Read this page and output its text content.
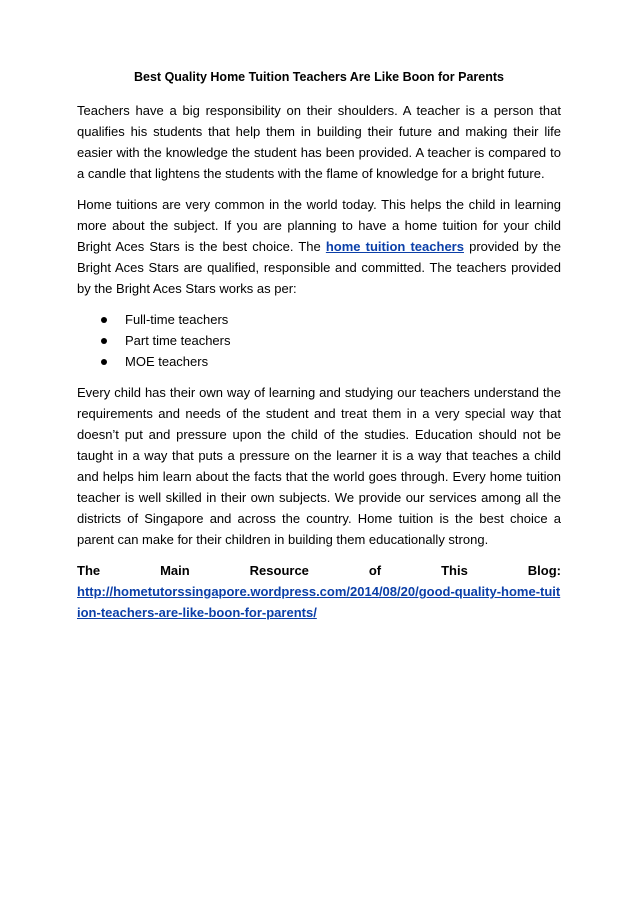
Best Quality Home Tuition Teachers Are Like Boon for Parents

Teachers have a big responsibility on their shoulders. A teacher is a person that qualifies his students that help them in building their future and making their life easier with the knowledge the student has been provided. A teacher is compared to a candle that lightens the students with the flame of knowledge for a bright future.

Home tuitions are very common in the world today. This helps the child in learning more about the subject. If you are planning to have a home tuition for your child Bright Aces Stars is the best choice. The home tuition teachers provided by the Bright Aces Stars are qualified, responsible and committed. The teachers provided by the Bright Aces Stars works as per:

Full-time teachers
Part time teachers
MOE teachers

Every child has their own way of learning and studying our teachers understand the requirements and needs of the student and treat them in a very special way that doesn’t put and pressure upon the child of the studies. Education should not be taught in a way that puts a pressure on the learner it is a way that teaches a child and helps him learn about the facts that the world goes through. Every home tuition teacher is well skilled in their own subjects. We provide our services among all the districts of Singapore and across the country. Home tuition is the best choice a parent can make for their children in building them educationally strong.

The	Main	Resource	of	This	Blog:

http://hometutorssingapore.wordpress.com/2014/08/20/good-quality-home-tuition-teachers-are-like-boon-for-parents/
